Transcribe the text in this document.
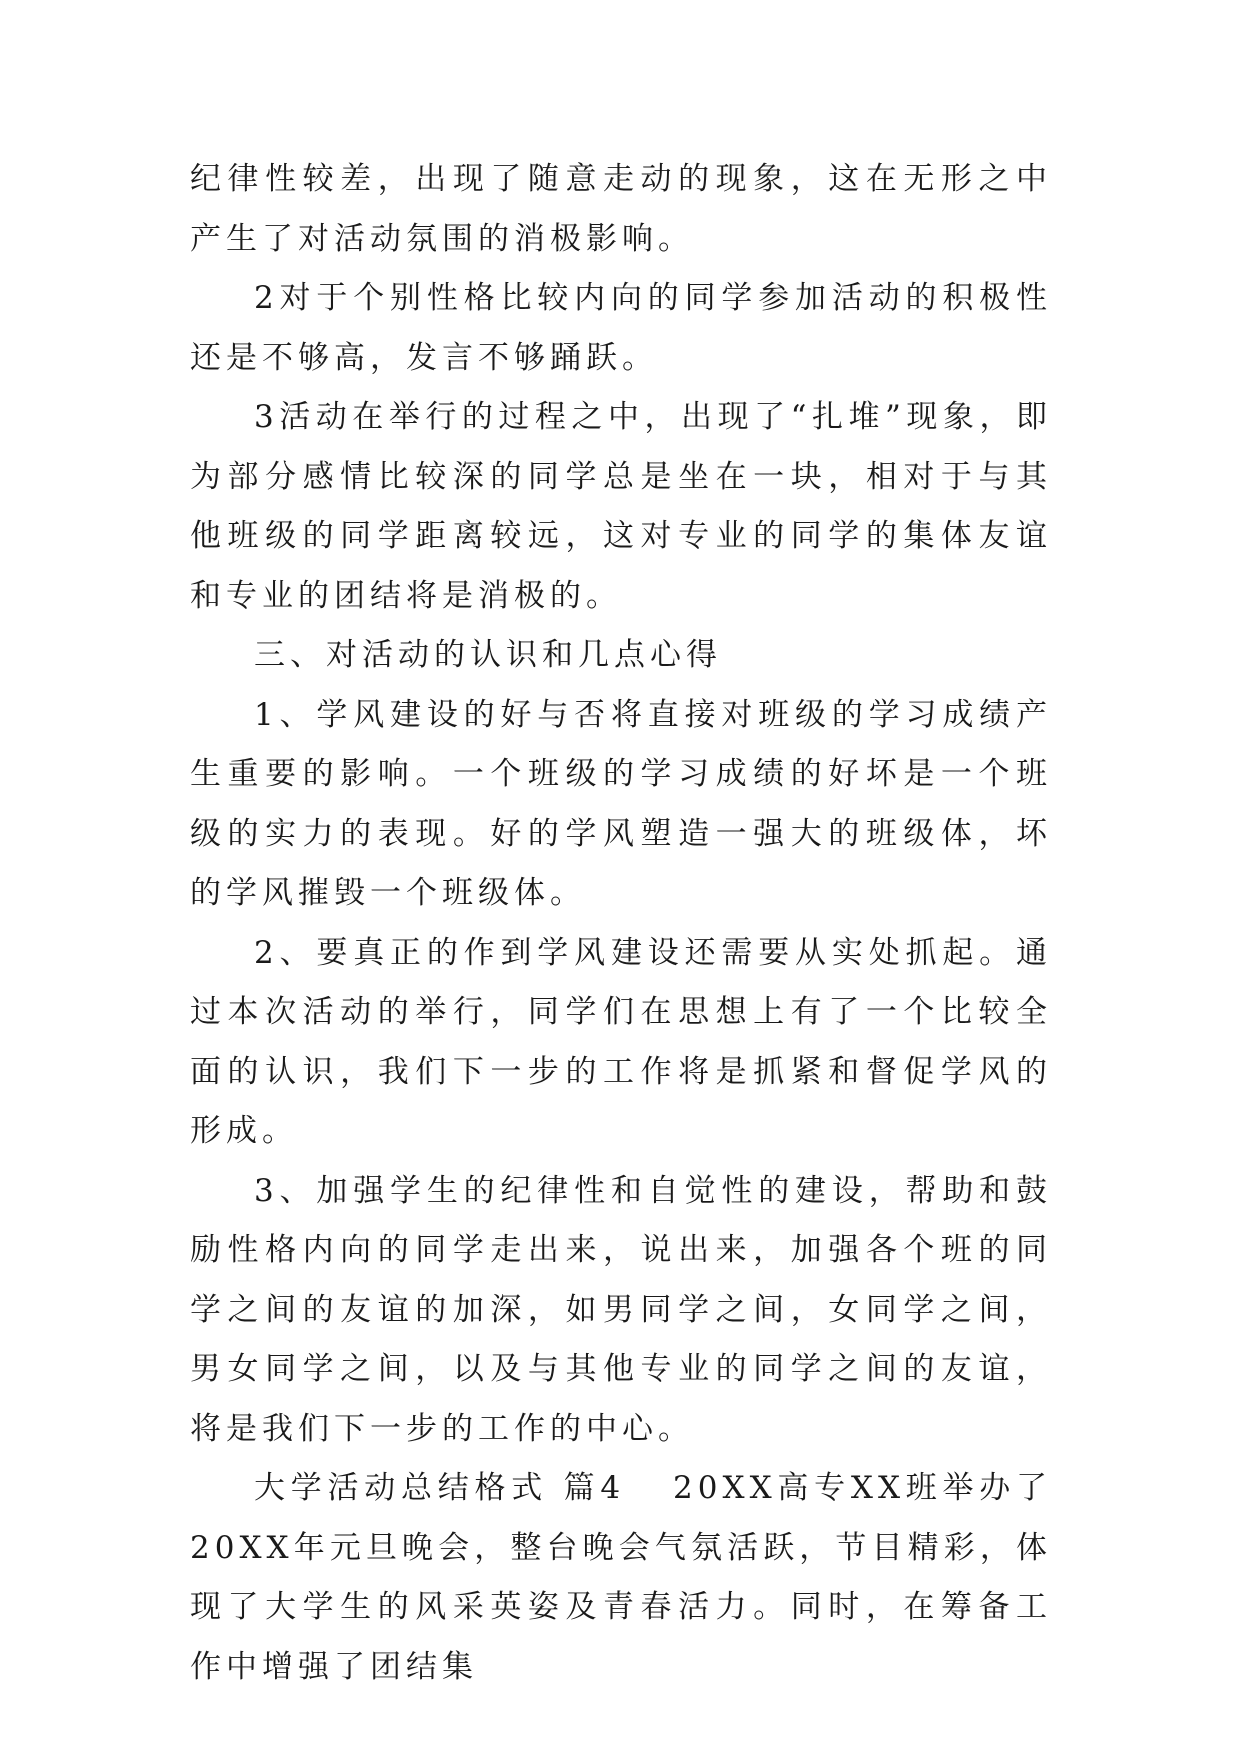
纪律性较差，出现了随意走动的现象，这在无形之中产生了对活动氛围的消极影响。

2对于个别性格比较内向的同学参加活动的积极性还是不够高，发言不够踊跃。

3活动在举行的过程之中，出现了“扎堆”现象，即为部分感情比较深的同学总是坐在一块，相对于与其他班级的同学距离较远，这对专业的同学的集体友谊和专业的团结将是消极的。

三、对活动的认识和几点心得

1、学风建设的好与否将直接对班级的学习成绩产生重要的影响。一个班级的学习成绩的好坏是一个班级的实力的表现。好的学风塑造一强大的班级体，坏的学风摧毁一个班级体。

2、要真正的作到学风建设还需要从实处抓起。通过本次活动的举行，同学们在思想上有了一个比较全面的认识，我们下一步的工作将是抓紧和督促学风的形成。

3、加强学生的纪律性和自觉性的建设，帮助和鼓励性格内向的同学走出来，说出来，加强各个班的同学之间的友谊的加深，如男同学之间，女同学之间，男女同学之间，以及与其他专业的同学之间的友谊，将是我们下一步的工作的中心。

大学活动总结格式 篇4 20XX高专XX班举办了20XX年元旦晚会，整台晚会气氛活跃，节目精彩，体现了大学生的风采英姿及青春活力。同时，在筹备工作中增强了团结集
